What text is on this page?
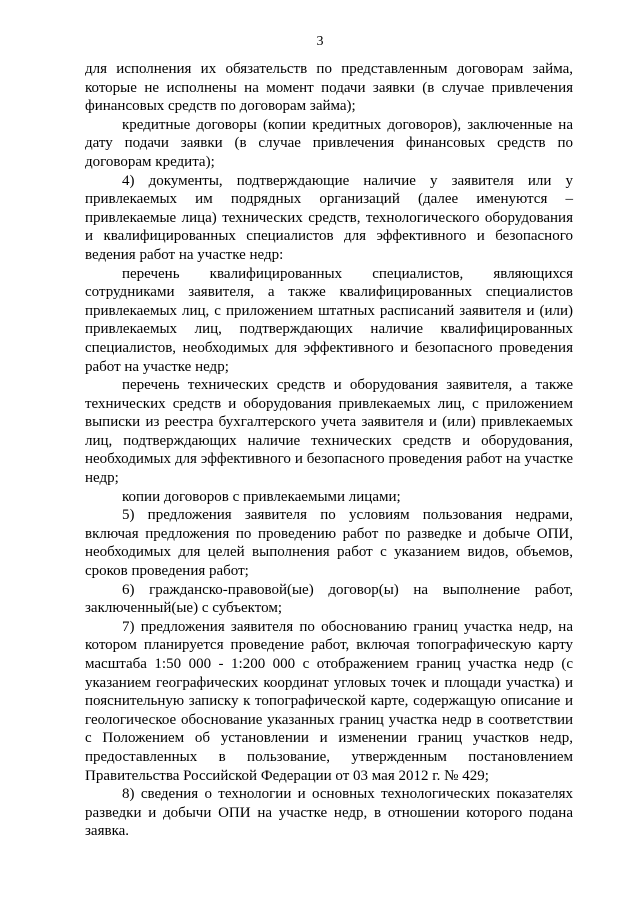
3

для исполнения их обязательств по представленным договорам займа, которые не исполнены на момент подачи заявки (в случае привлечения финансовых средств по договорам займа);

кредитные договоры (копии кредитных договоров), заключенные на дату подачи заявки (в случае привлечения финансовых средств по договорам кредита);

4) документы, подтверждающие наличие у заявителя или у привлекаемых им подрядных организаций (далее именуются – привлекаемые лица) технических средств, технологического оборудования и квалифицированных специалистов для эффективного и безопасного ведения работ на участке недр:

перечень квалифицированных специалистов, являющихся сотрудниками заявителя, а также квалифицированных специалистов привлекаемых лиц, с приложением штатных расписаний заявителя и (или) привлекаемых лиц, подтверждающих наличие квалифицированных специалистов, необходимых для эффективного и безопасного проведения работ на участке недр;

перечень технических средств и оборудования заявителя, а также технических средств и оборудования привлекаемых лиц, с приложением выписки из реестра бухгалтерского учета заявителя и (или) привлекаемых лиц, подтверждающих наличие технических средств и оборудования, необходимых для эффективного и безопасного проведения работ на участке недр;

копии договоров с привлекаемыми лицами;

5) предложения заявителя по условиям пользования недрами, включая предложения по проведению работ по разведке и добыче ОПИ, необходимых для целей выполнения работ с указанием видов, объемов, сроков проведения работ;

6) гражданско-правовой(ые) договор(ы) на выполнение работ, заключенный(ые) с субъектом;

7) предложения заявителя по обоснованию границ участка недр, на котором планируется проведение работ, включая топографическую карту масштаба 1:50 000 - 1:200 000 с отображением границ участка недр (с указанием географических координат угловых точек и площади участка) и пояснительную записку к топографической карте, содержащую описание и геологическое обоснование указанных границ участка недр в соответствии с Положением об установлении и изменении границ участков недр, предоставленных в пользование, утвержденным постановлением Правительства Российской Федерации от 03 мая 2012 г. № 429;

8) сведения о технологии и основных технологических показателях разведки и добычи ОПИ на участке недр, в отношении которого подана заявка.
